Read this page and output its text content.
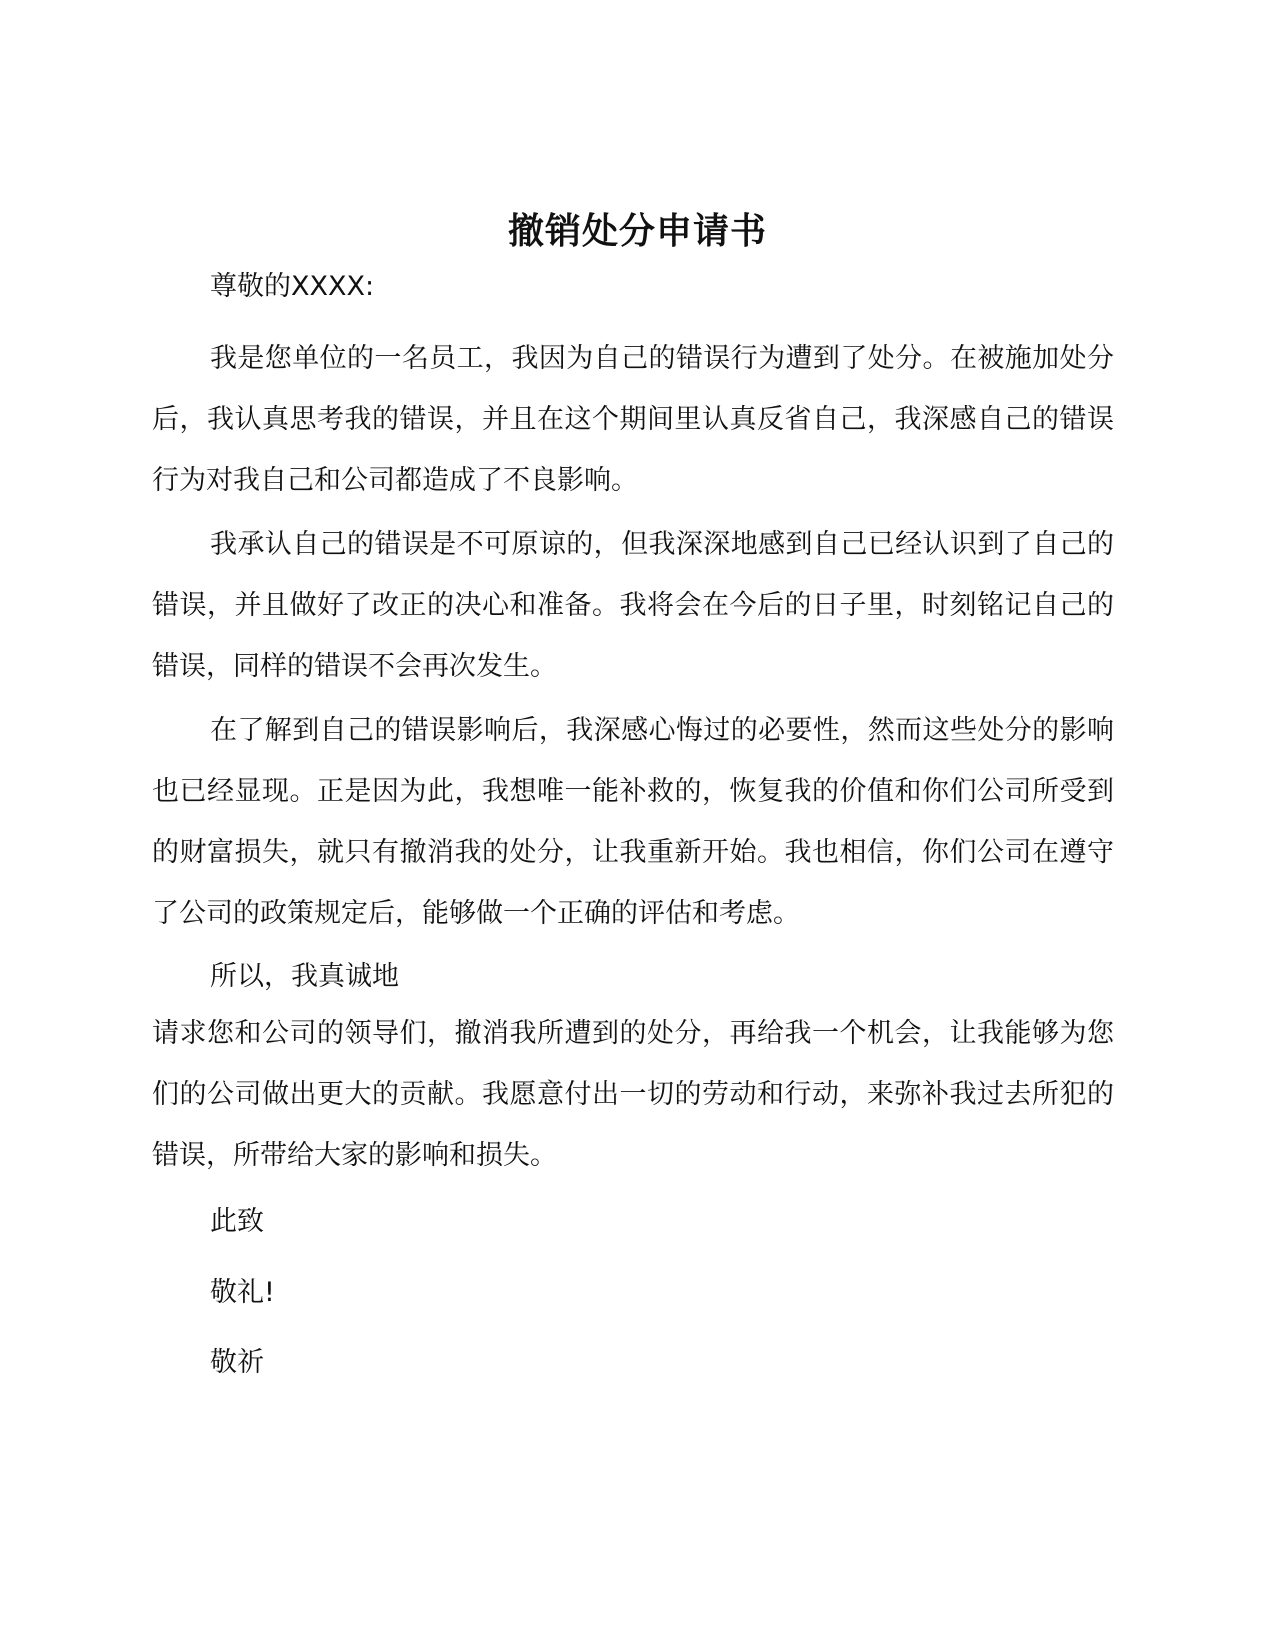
撤销处分申请书

尊敬的XXXX:

我是您单位的一名员工，我因为自己的错误行为遭到了处分。在被施加处分后，我认真思考我的错误，并且在这个期间里认真反省自己，我深感自己的错误行为对我自己和公司都造成了不良影响。

我承认自己的错误是不可原谅的，但我深深地感到自己已经认识到了自己的错误，并且做好了改正的决心和准备。我将会在今后的日子里，时刻铭记自己的错误，同样的错误不会再次发生。

在了解到自己的错误影响后，我深感心悔过的必要性，然而这些处分的影响也已经显现。正是因为此，我想唯一能补救的，恢复我的价值和你们公司所受到的财富损失，就只有撤消我的处分，让我重新开始。我也相信，你们公司在遵守了公司的政策规定后，能够做一个正确的评估和考虑。

所以，我真诚地

请求您和公司的领导们，撤消我所遭到的处分，再给我一个机会，让我能够为您们的公司做出更大的贡献。我愿意付出一切的劳动和行动，来弥补我过去所犯的错误，所带给大家的影响和损失。

此致

敬礼!

敬祈
